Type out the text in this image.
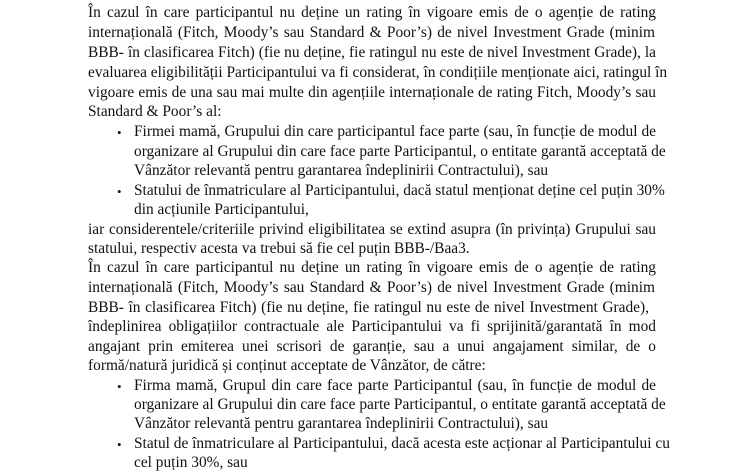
În cazul în care participantul nu deține un rating în vigoare emis de o agenție de rating
internațională (Fitch, Moody’s sau Standard & Poor’s) de nivel Investment Grade (minim
BBB- în clasificarea Fitch) (fie nu deține, fie ratingul nu este de nivel Investment Grade), la
evaluarea eligibilității Participantului va fi considerat, în condițiile menționate aici, ratingul în
vigoare emis de una sau mai multe din agențiile internaționale de rating Fitch, Moody’s sau
Standard & Poor’s al:
• Firmei mamă, Grupului din care participantul face parte (sau, în funcție de modul de
organizare al Grupului din care face parte Participantul, o entitate garantă acceptată de
Vânzător relevantă pentru garantarea îndeplinirii Contractului), sau
• Statului de înmatriculare al Participantului, dacă statul menționat deține cel puțin 30%
din acțiunile Participantului,
iar considerentele/criteriile privind eligibilitatea se extind asupra (în privința) Grupului sau
statului, respectiv acesta va trebui să fie cel puțin BBB-/Baa3.
În cazul în care participantul nu deține un rating în vigoare emis de o agenție de rating
internațională (Fitch, Moody’s sau Standard & Poor’s) de nivel Investment Grade (minim
BBB- în clasificarea Fitch) (fie nu deține, fie ratingul nu este de nivel Investment Grade),
îndeplinirea obligațiilor contractuale ale Participantului va fi sprijinită/garantată în mod
angajant prin emiterea unei scrisori de garanție, sau a unui angajament similar, de o
formă/natură juridică și conținut acceptate de Vânzător, de către:
• Firma mamă, Grupul din care face parte Participantul (sau, în funcție de modul de
organizare al Grupului din care face parte Participantul, o entitate garantă acceptată de
Vânzător relevantă pentru garantarea îndeplinirii Contractului), sau
• Statul de înmatriculare al Participantului, dacă acesta este acționar al Participantului cu
cel puțin 30%, sau
